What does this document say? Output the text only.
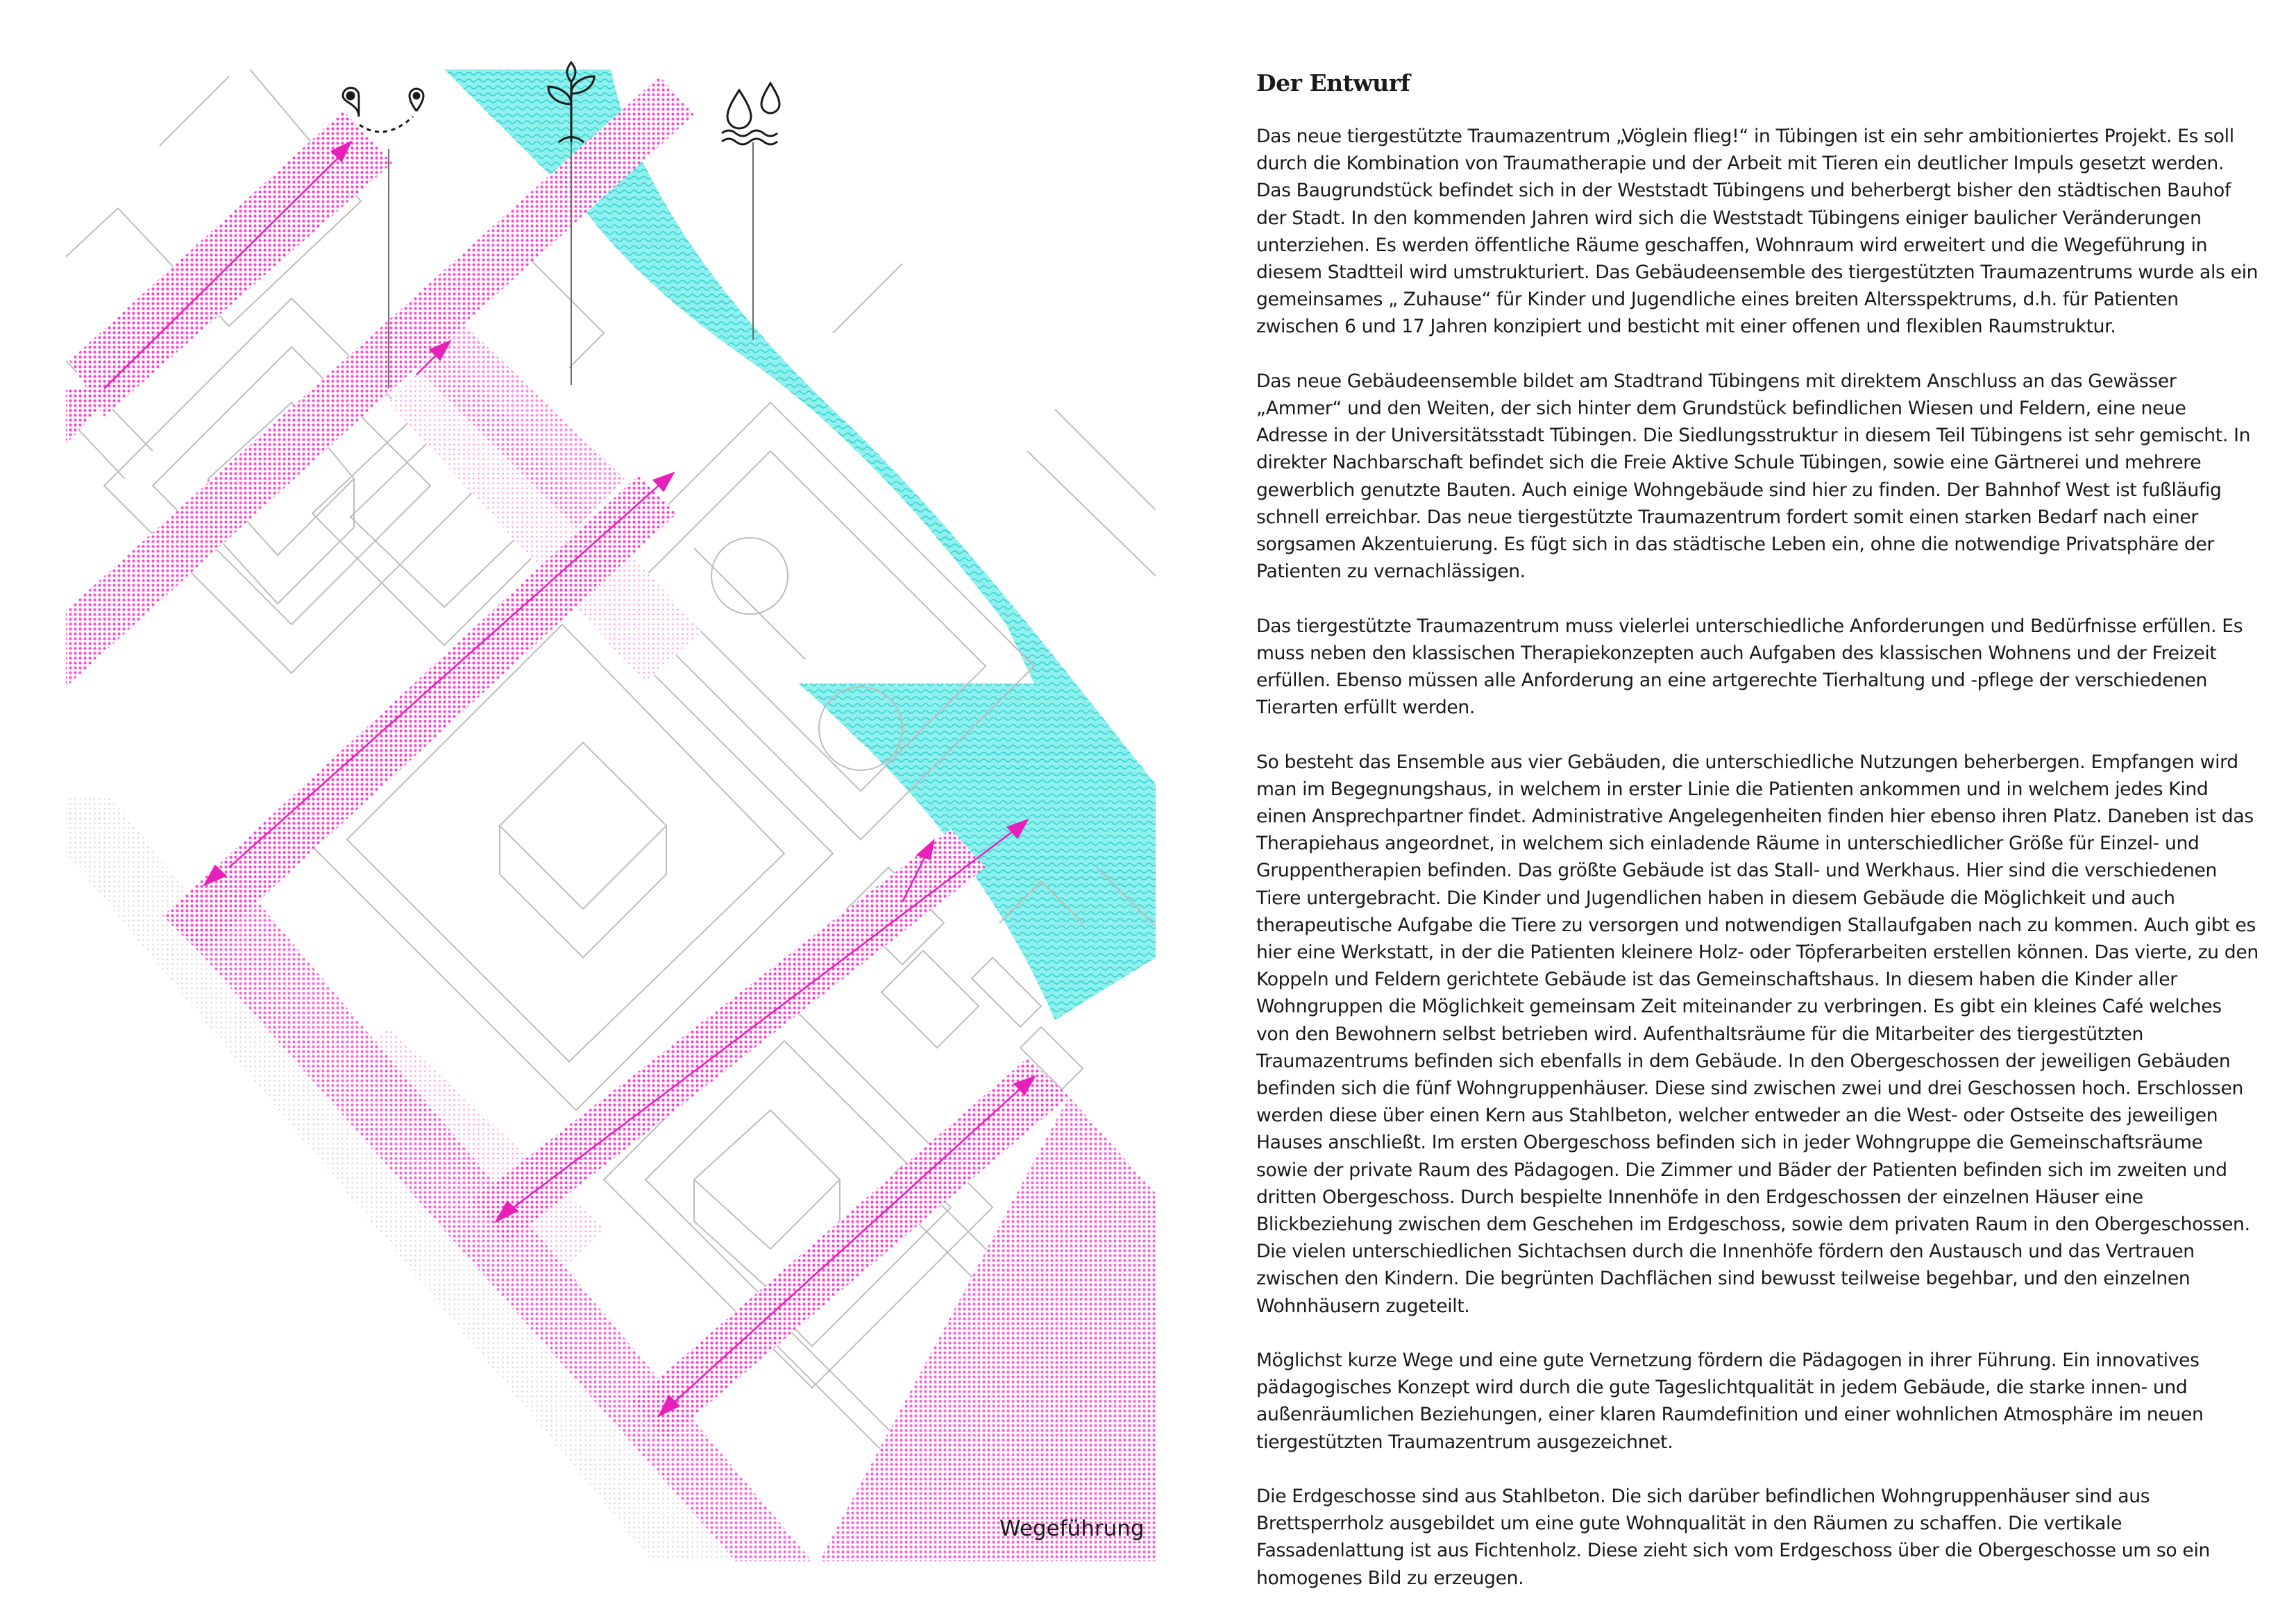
Wegeführung
Der Entwurf

Das neue tiergestützte Traumazentrum „Vöglein flieg!“ in Tübingen ist ein sehr ambitioniertes Projekt. Es soll durch die Kombination von Traumatherapie und der Arbeit mit Tieren ein deutlicher Impuls gesetzt werden. Das Baugrundstück befindet sich in der Weststadt Tübingens und beherbergt bisher den städtischen Bauhof der Stadt. In den kommenden Jahren wird sich die Weststadt Tübingens einiger baulicher Veränderungen unterziehen. Es werden öffentliche Räume geschaffen, Wohnraum wird erweitert und die Wegeführung in diesem Stadtteil wird umstrukturiert. Das Gebäudeensemble des tiergestützten Traumazentrums wurde als ein gemeinsames „ Zuhause“ für Kinder und Jugendliche eines breiten Altersspektrums, d.h. für Patienten zwischen 6 und 17 Jahren konzipiert und besticht mit einer offenen und flexiblen Raumstruktur.

Das neue Gebäudeensemble bildet am Stadtrand Tübingens mit direktem Anschluss an das Gewässer „Ammer“ und den Weiten, der sich hinter dem Grundstück befindlichen Wiesen und Feldern, eine neue Adresse in der Universitätsstadt Tübingen. Die Siedlungsstruktur in diesem Teil Tübingens ist sehr gemischt. In direkter Nachbarschaft befindet sich die Freie Aktive Schule Tübingen, sowie eine Gärtnerei und mehrere gewerblich genutzte Bauten. Auch einige Wohngebäude sind hier zu finden. Der Bahnhof West ist fußläufig schnell erreichbar. Das neue tiergestützte Traumazentrum fordert somit einen starken Bedarf nach einer sorgsamen Akzentuierung. Es fügt sich in das städtische Leben ein, ohne die notwendige Privatsphäre der Patienten zu vernachlässigen.

Das tiergestützte Traumazentrum muss vielerlei unterschiedliche Anforderungen und Bedürfnisse erfüllen. Es muss neben den klassischen Therapiekonzepten auch Aufgaben des klassischen Wohnens und der Freizeit erfüllen. Ebenso müssen alle Anforderung an eine artgerechte Tierhaltung und -pflege der verschiedenen Tierarten erfüllt werden.

So besteht das Ensemble aus vier Gebäuden, die unterschiedliche Nutzungen beherbergen. Empfangen wird man im Begegnungshaus, in welchem in erster Linie die Patienten ankommen und in welchem jedes Kind einen Ansprechpartner findet. Administrative Angelegenheiten finden hier ebenso ihren Platz. Daneben ist das Therapiehaus angeordnet, in welchem sich einladende Räume in unterschiedlicher Größe für Einzel- und Gruppentherapien befinden. Das größte Gebäude ist das Stall- und Werkhaus. Hier sind die verschiedenen Tiere untergebracht. Die Kinder und Jugendlichen haben in diesem Gebäude die Möglichkeit und auch therapeutische Aufgabe die Tiere zu versorgen und notwendigen Stallaufgaben nach zu kommen. Auch gibt es hier eine Werkstatt, in der die Patienten kleinere Holz- oder Töpferarbeiten erstellen können. Das vierte, zu den Koppeln und Feldern gerichtete Gebäude ist das Gemeinschaftshaus. In diesem haben die Kinder aller Wohngruppen die Möglichkeit gemeinsam Zeit miteinander zu verbringen. Es gibt ein kleines Café welches von den Bewohnern selbst betrieben wird. Aufenthaltsräume für die Mitarbeiter des tiergestützten Traumazentrums befinden sich ebenfalls in dem Gebäude. In den Obergeschossen der jeweiligen Gebäuden befinden sich die fünf Wohngruppenhäuser. Diese sind zwischen zwei und drei Geschossen hoch. Erschlossen werden diese über einen Kern aus Stahlbeton, welcher entweder an die West- oder Ostseite des jeweiligen Hauses anschließt. Im ersten Obergeschoss befinden sich in jeder Wohngruppe die Gemeinschaftsräume sowie der private Raum des Pädagogen. Die Zimmer und Bäder der Patienten befinden sich im zweiten und dritten Obergeschoss. Durch bespielte Innenhöfe in den Erdgeschossen der einzelnen Häuser eine Blickbeziehung zwischen dem Geschehen im Erdgeschoss, sowie dem privaten Raum in den Obergeschossen. Die vielen unterschiedlichen Sichtachsen durch die Innenhöfe fördern den Austausch und das Vertrauen zwischen den Kindern. Die begrünten Dachflächen sind bewusst teilweise begehbar, und den einzelnen Wohnhäusern zugeteilt.

Möglichst kurze Wege und eine gute Vernetzung fördern die Pädagogen in ihrer Führung. Ein innovatives pädagogisches Konzept wird durch die gute Tageslichtqualität in jedem Gebäude, die starke innen- und außenräumlichen Beziehungen, einer klaren Raumdefinition und einer wohnlichen Atmosphäre im neuen tiergestützten Traumazentrum ausgezeichnet.

Die Erdgeschosse sind aus Stahlbeton. Die sich darüber befindlichen Wohngruppenhäuser sind aus Brettsperrholz ausgebildet um eine gute Wohnqualität in den Räumen zu schaffen. Die vertikale Fassadenlattung ist aus Fichtenholz. Diese zieht sich vom Erdgeschoss über die Obergeschosse um so ein homogenes Bild zu erzeugen.
